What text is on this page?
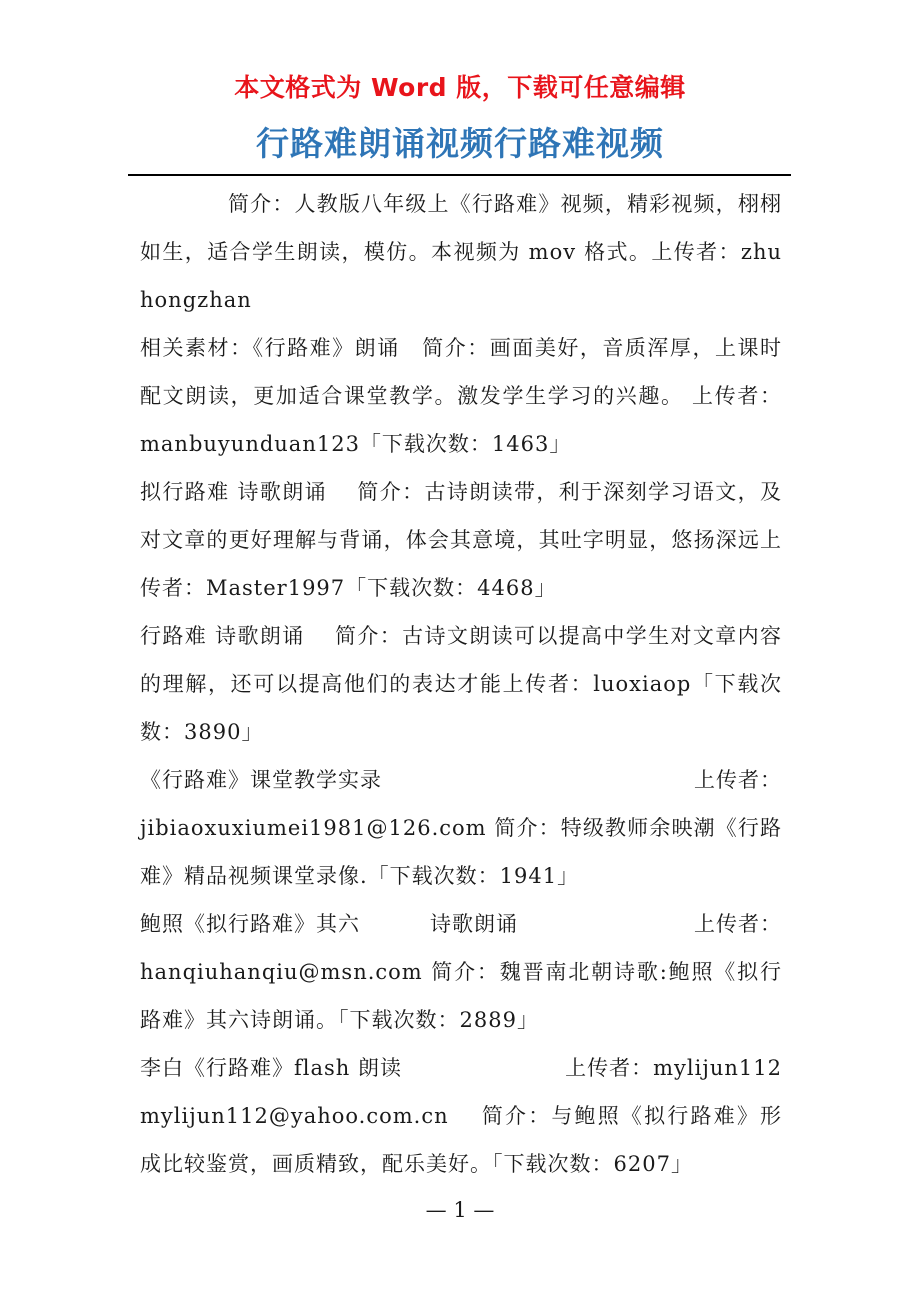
本文格式为 Word 版，下载可任意编辑
行路难朗诵视频行路难视频

简介：人教版八年级上《行路难》视频，精彩视频，栩栩如生，适合学生朗读，模仿。本视频为 mov 格式。上传者：zhuhongzhan

相关素材：《行路难》朗诵　简介：画面美好，音质浑厚，上课时配文朗读，更加适合课堂教学。激发学生学习的兴趣。 上传者：manbuyunduan123「下载次数：1463」

拟行路难 诗歌朗诵　 简介：古诗朗读带，利于深刻学习语文，及对文章的更好理解与背诵，体会其意境，其吐字明显，悠扬深远上传者：Master1997「下载次数：4468」

行路难 诗歌朗诵　 简介：古诗文朗读可以提高中学生对文章内容的理解，还可以提高他们的表达才能上传者：luoxiaop「下载次数：3890」

《行路难》课堂教学实录	上传者：

jibiaoxuxiumei1981@126.com 简介：特级教师余映潮《行路难》精品视频课堂录像.「下载次数：1941」

鲍照《拟行路难》其六	诗歌朗诵	上传者：

hanqiuhanqiu@msn.com 简介：魏晋南北朝诗歌:鲍照《拟行路难》其六诗朗诵。「下载次数：2889」

李白《行路难》flash 朗读	上传者：mylijun112

mylijun112@yahoo.com.cn　 简介：与鲍照《拟行路难》形成比较鉴赏，画质精致，配乐美好。「下载次数：6207」

— 1 —
